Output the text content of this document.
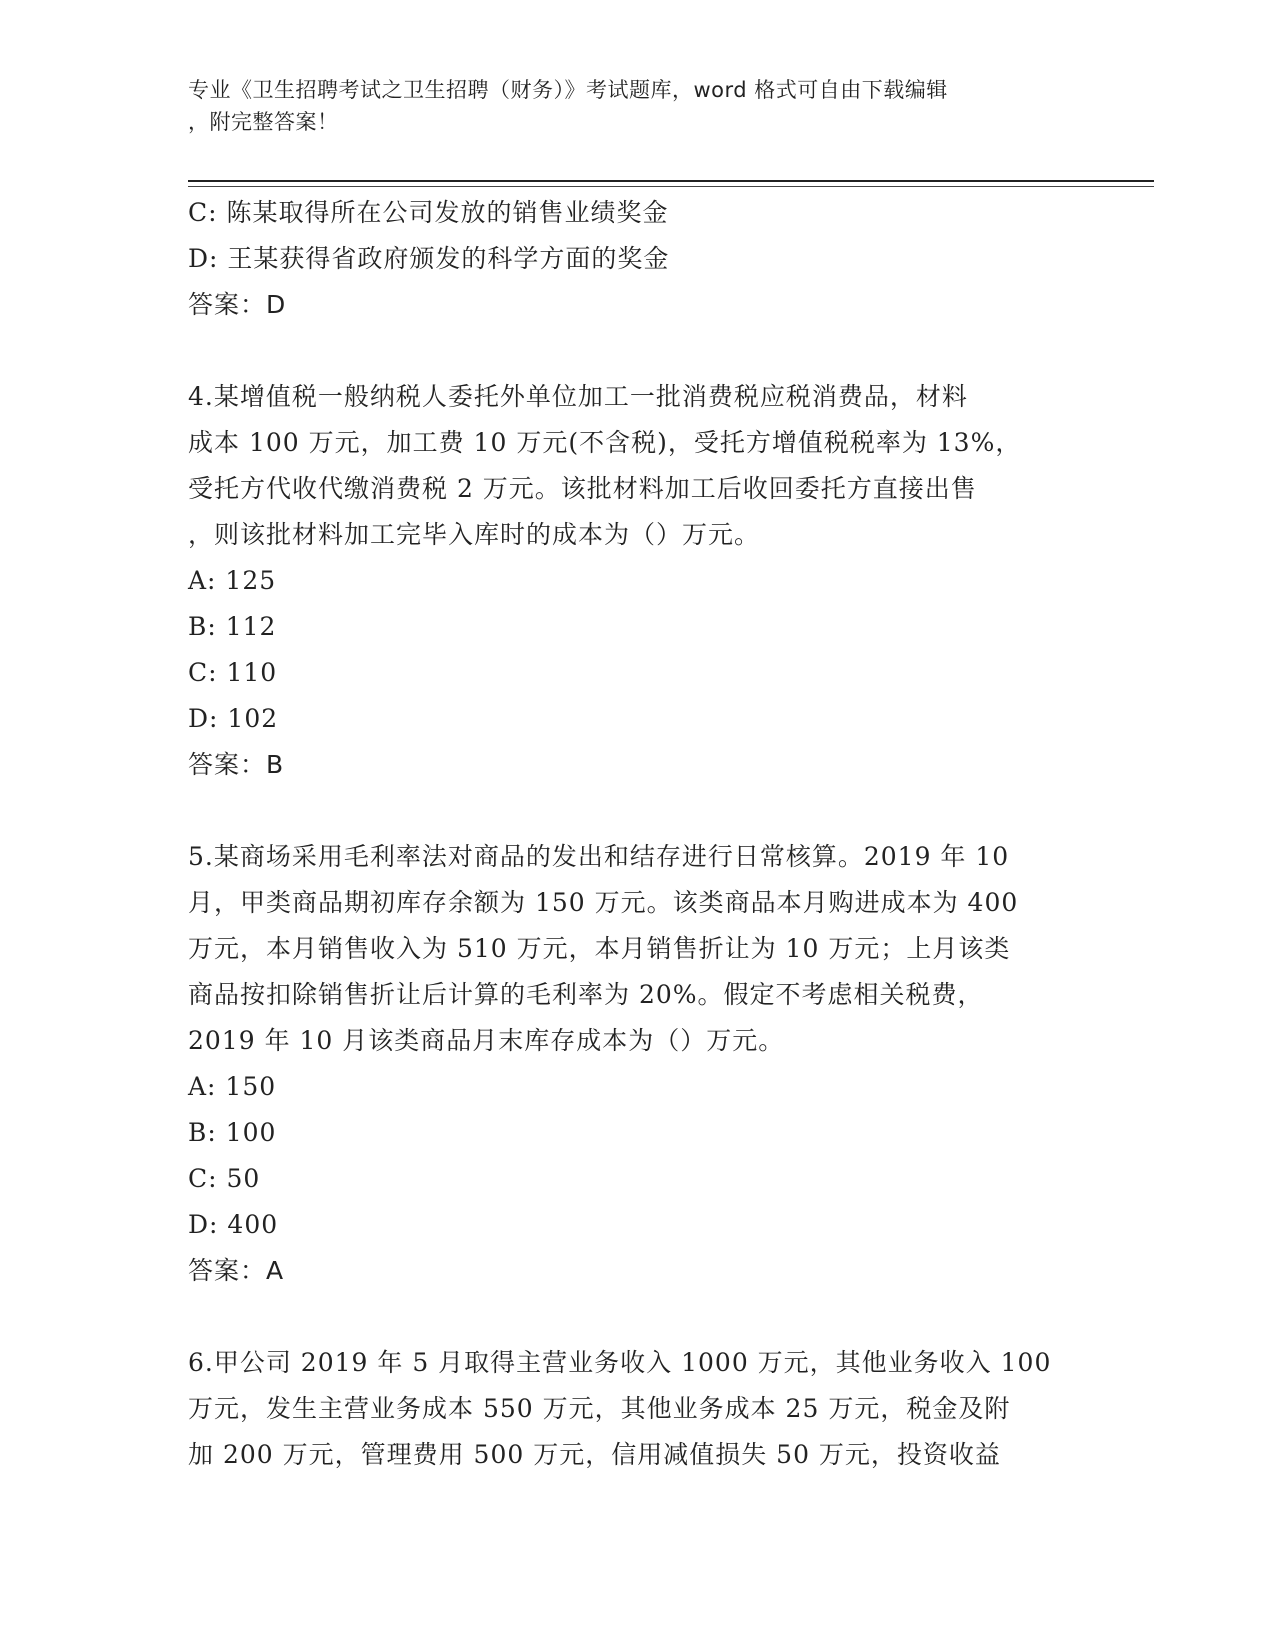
专业《卫生招聘考试之卫生招聘（财务）》考试题库，word 格式可自由下载编辑
，附完整答案！
C: 陈某取得所在公司发放的销售业绩奖金
D: 王某获得省政府颁发的科学方面的奖金
答案：D
4.某增值税一般纳税人委托外单位加工一批消费税应税消费品，材料
成本 100 万元，加工费 10 万元(不含税)，受托方增值税税率为 13%，
受托方代收代缴消费税 2 万元。该批材料加工后收回委托方直接出售
，则该批材料加工完毕入库时的成本为（）万元。
A: 125
B: 112
C: 110
D: 102
答案：B
5.某商场采用毛利率法对商品的发出和结存进行日常核算。2019 年 10
月，甲类商品期初库存余额为 150 万元。该类商品本月购进成本为 400
万元，本月销售收入为 510 万元，本月销售折让为 10 万元；上月该类
商品按扣除销售折让后计算的毛利率为 20%。假定不考虑相关税费，
2019 年 10 月该类商品月末库存成本为（）万元。
A: 150
B: 100
C: 50
D: 400
答案：A
6.甲公司 2019 年 5 月取得主营业务收入 1000 万元，其他业务收入 100
万元，发生主营业务成本 550 万元，其他业务成本 25 万元，税金及附
加 200 万元，管理费用 500 万元，信用减值损失 50 万元，投资收益
